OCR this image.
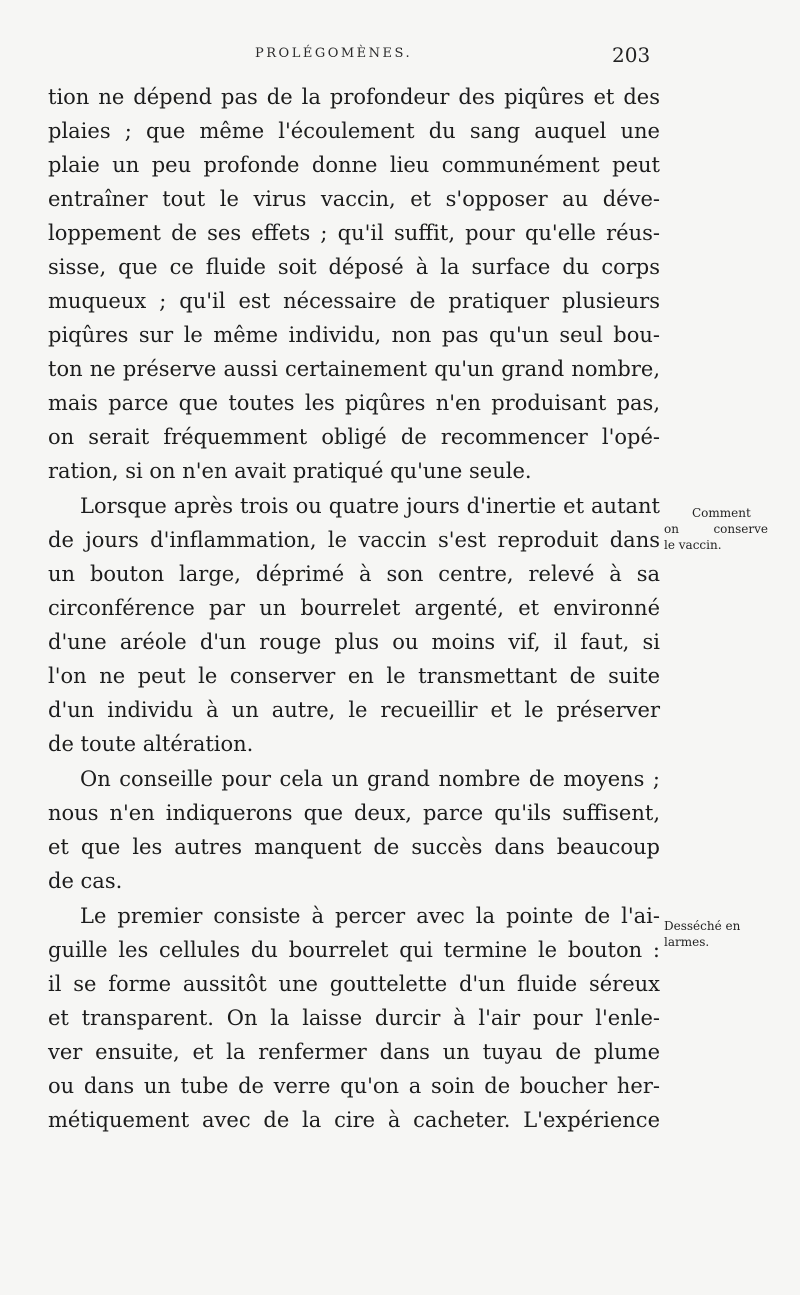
PROLÉGOMÈNES.	203
tion ne dépend pas de la profondeur des piqûres et des
plaies ; que même l'écoulement du sang auquel une
plaie un peu profonde donne lieu communément peut
entraîner tout le virus vaccin, et s'opposer au déve-
loppement de ses effets ; qu'il suffit, pour qu'elle réus-
sisse, que ce fluide soit déposé à la surface du corps
muqueux ; qu'il est nécessaire de pratiquer plusieurs
piqûres sur le même individu, non pas qu'un seul bou-
ton ne préserve aussi certainement qu'un grand nombre,
mais parce que toutes les piqûres n'en produisant pas,
on serait fréquemment obligé de recommencer l'opé-
ration, si on n'en avait pratiqué qu'une seule.
Lorsque après trois ou quatre jours d'inertie et autant
de jours d'inflammation, le vaccin s'est reproduit dans
un bouton large, déprimé à son centre, relevé à sa
circonférence par un bourrelet argenté, et environné
d'une aréole d'un rouge plus ou moins vif, il faut, si
l'on ne peut le conserver en le transmettant de suite
d'un individu à un autre, le recueillir et le préserver
de toute altération.
On conseille pour cela un grand nombre de moyens ;
nous n'en indiquerons que deux, parce qu'ils suffisent,
et que les autres manquent de succès dans beaucoup
de cas.
Le premier consiste à percer avec la pointe de l'ai-
guille les cellules du bourrelet qui termine le bouton :
il se forme aussitôt une gouttelette d'un fluide séreux
et transparent. On la laisse durcir à l'air pour l'enle-
ver ensuite, et la renfermer dans un tuyau de plume
ou dans un tube de verre qu'on a soin de boucher her-
métiquement avec de la cire à cacheter. L'expérience
Comment
on conserve
le vaccin.
Desséché en
larmes.
